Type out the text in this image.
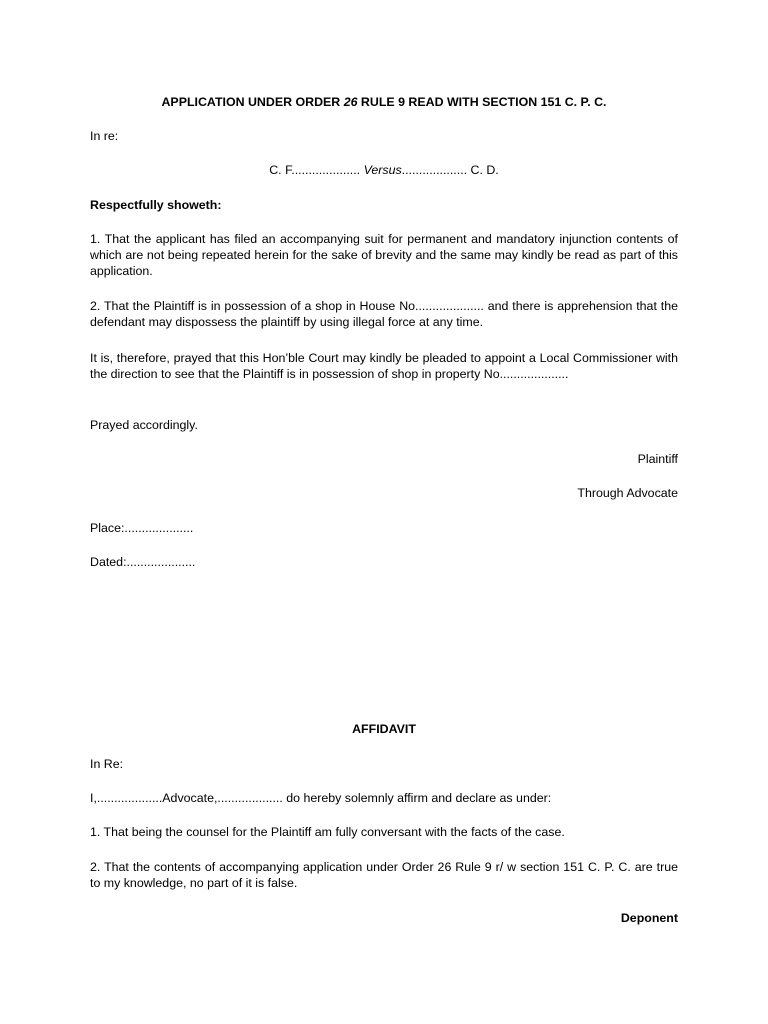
APPLICATION UNDER ORDER 26 RULE 9 READ WITH SECTION 151 C. P. C.

In re:

C. F.................... Versus................... C. D.

Respectfully showeth:

1. That the applicant has filed an accompanying suit for permanent and mandatory injunction contents of which are not being repeated herein for the sake of brevity and the same may kindly be read as part of this application.

2. That the Plaintiff is in possession of a shop in House No.................... and there is apprehension that the defendant may dispossess the plaintiff by using illegal force at any time.

It is, therefore, prayed that this Hon’ble Court may kindly be pleaded to appoint a Local Commissioner with the direction to see that the Plaintiff is in possession of shop in property No....................

Prayed accordingly.

Plaintiff

Through Advocate

Place:....................

Dated:....................

AFFIDAVIT

In Re:

I,...................Advocate,................... do hereby solemnly affirm and declare as under:

1. That being the counsel for the Plaintiff am fully conversant with the facts of the case.

2. That the contents of accompanying application under Order 26 Rule 9 r/ w section 151 C. P. C. are true to my knowledge, no part of it is false.

Deponent
